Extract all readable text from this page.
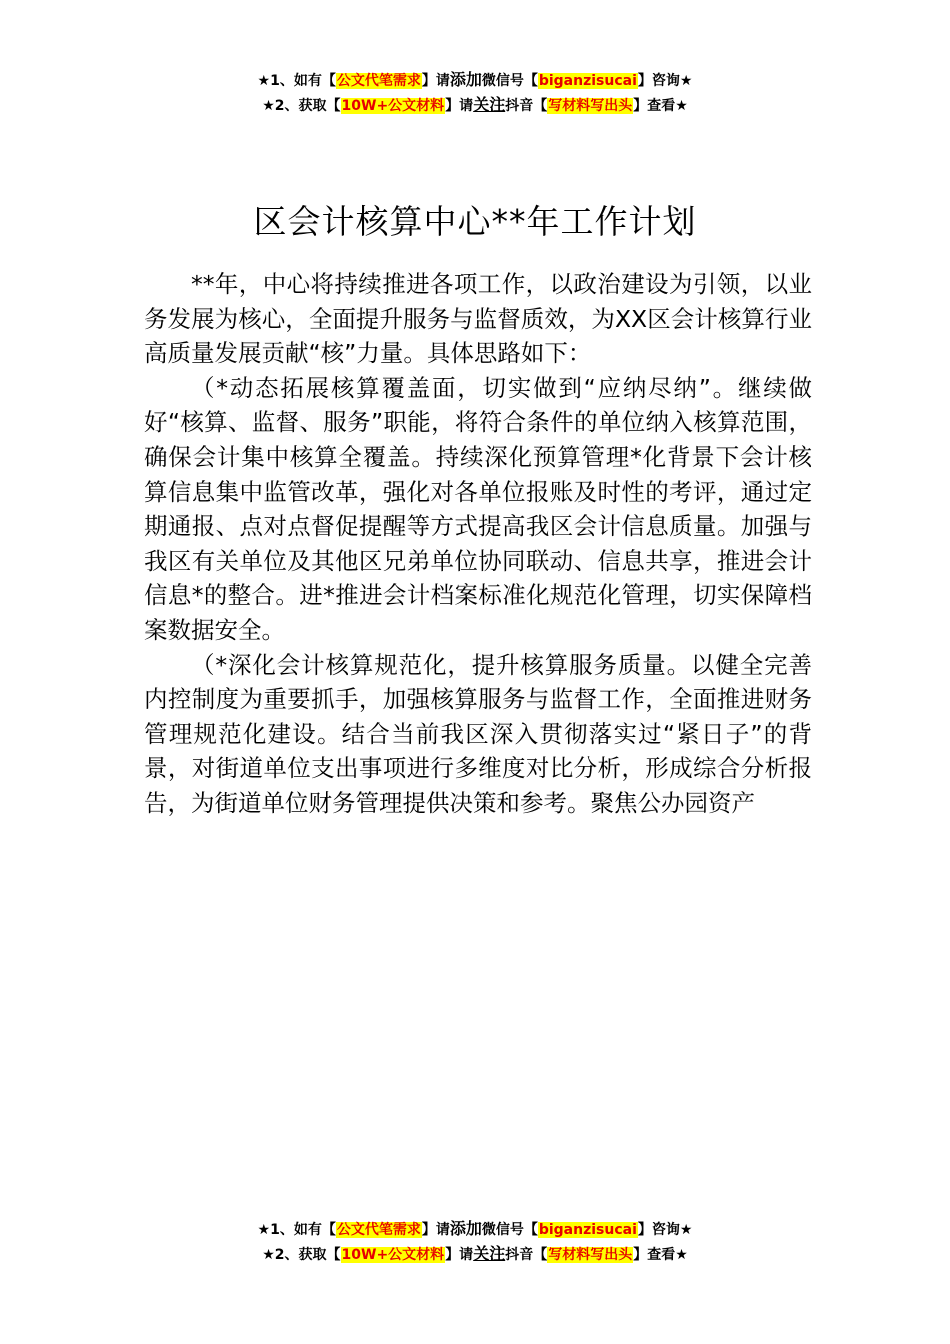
★1、如有【公文代笔需求】请添加微信号【biganzisucai】咨询★
★2、获取【10W+公文材料】请关注抖音【写材料写出头】查看★
区会计核算中心**年工作计划

**年，中心将持续推进各项工作，以政治建设为引领，以业务发展为核心，全面提升服务与监督质效，为XX区会计核算行业高质量发展贡献“核”力量。具体思路如下：

（*动态拓展核算覆盖面，切实做到“应纳尽纳”。继续做好“核算、监督、服务”职能，将符合条件的单位纳入核算范围，确保会计集中核算全覆盖。持续深化预算管理*化背景下会计核算信息集中监管改革，强化对各单位报账及时性的考评，通过定期通报、点对点督促提醒等方式提高我区会计信息质量。加强与我区有关单位及其他区兄弟单位协同联动、信息共享，推进会计信息*的整合。进*推进会计档案标准化规范化管理，切实保障档案数据安全。

（*深化会计核算规范化，提升核算服务质量。以健全完善内控制度为重要抓手，加强核算服务与监督工作，全面推进财务管理规范化建设。结合当前我区深入贯彻落实过“紧日子”的背景，对街道单位支出事项进行多维度对比分析，形成综合分析报告，为街道单位财务管理提供决策和参考。聚焦公办园资产

★1、如有【公文代笔需求】请添加微信号【biganzisucai】咨询★
★2、获取【10W+公文材料】请关注抖音【写材料写出头】查看★
